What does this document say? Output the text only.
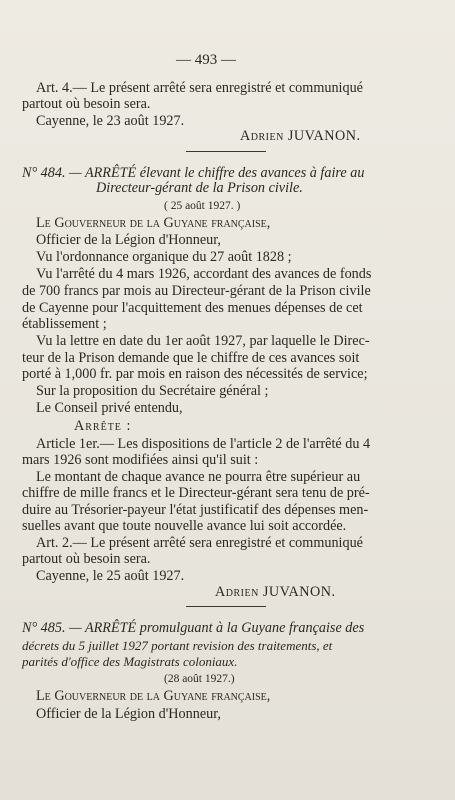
— 493 —
Art. 4.— Le présent arrêté sera enregistré et communiqué
partout où besoin sera.
Cayenne, le 23 août 1927.
Adrien JUVANON.
N° 484. — ARRÊTÉ élevant le chiffre des avances à faire au
Directeur-gérant de la Prison civile.
( 25 août 1927. )
Le Gouverneur de la Guyane française,
Officier de la Légion d'Honneur,
Vu l'ordonnance organique du 27 août 1828 ;
Vu l'arrêté du 4 mars 1926, accordant des avances de fonds
de 700 francs par mois au Directeur-gérant de la Prison civile
de Cayenne pour l'acquittement des menues dépenses de cet
établissement ;
Vu la lettre en date du 1er août 1927, par laquelle le Direc-
teur de la Prison demande que le chiffre de ces avances soit
porté à 1,000 fr. par mois en raison des nécessités de service;
Sur la proposition du Secrétaire général ;
Le Conseil privé entendu,
Arrête :
Article 1er.— Les dispositions de l'article 2 de l'arrêté du 4
mars 1926 sont modifiées ainsi qu'il suit :
Le montant de chaque avance ne pourra être supérieur au
chiffre de mille francs et le Directeur-gérant sera tenu de pré-
duire au Trésorier-payeur l'état justificatif des dépenses men-
suelles avant que toute nouvelle avance lui soit accordée.
Art. 2.— Le présent arrêté sera enregistré et communiqué
partout où besoin sera.
Cayenne, le 25 août 1927.
Adrien JUVANON.
N° 485. — ARRÊTÉ promulguant à la Guyane française des
décrets du 5 juillet 1927 portant revision des traitements, et
parités d'office des Magistrats coloniaux.
(28 août 1927.)
Le Gouverneur de la Guyane française,
Officier de la Légion d'Honneur,
